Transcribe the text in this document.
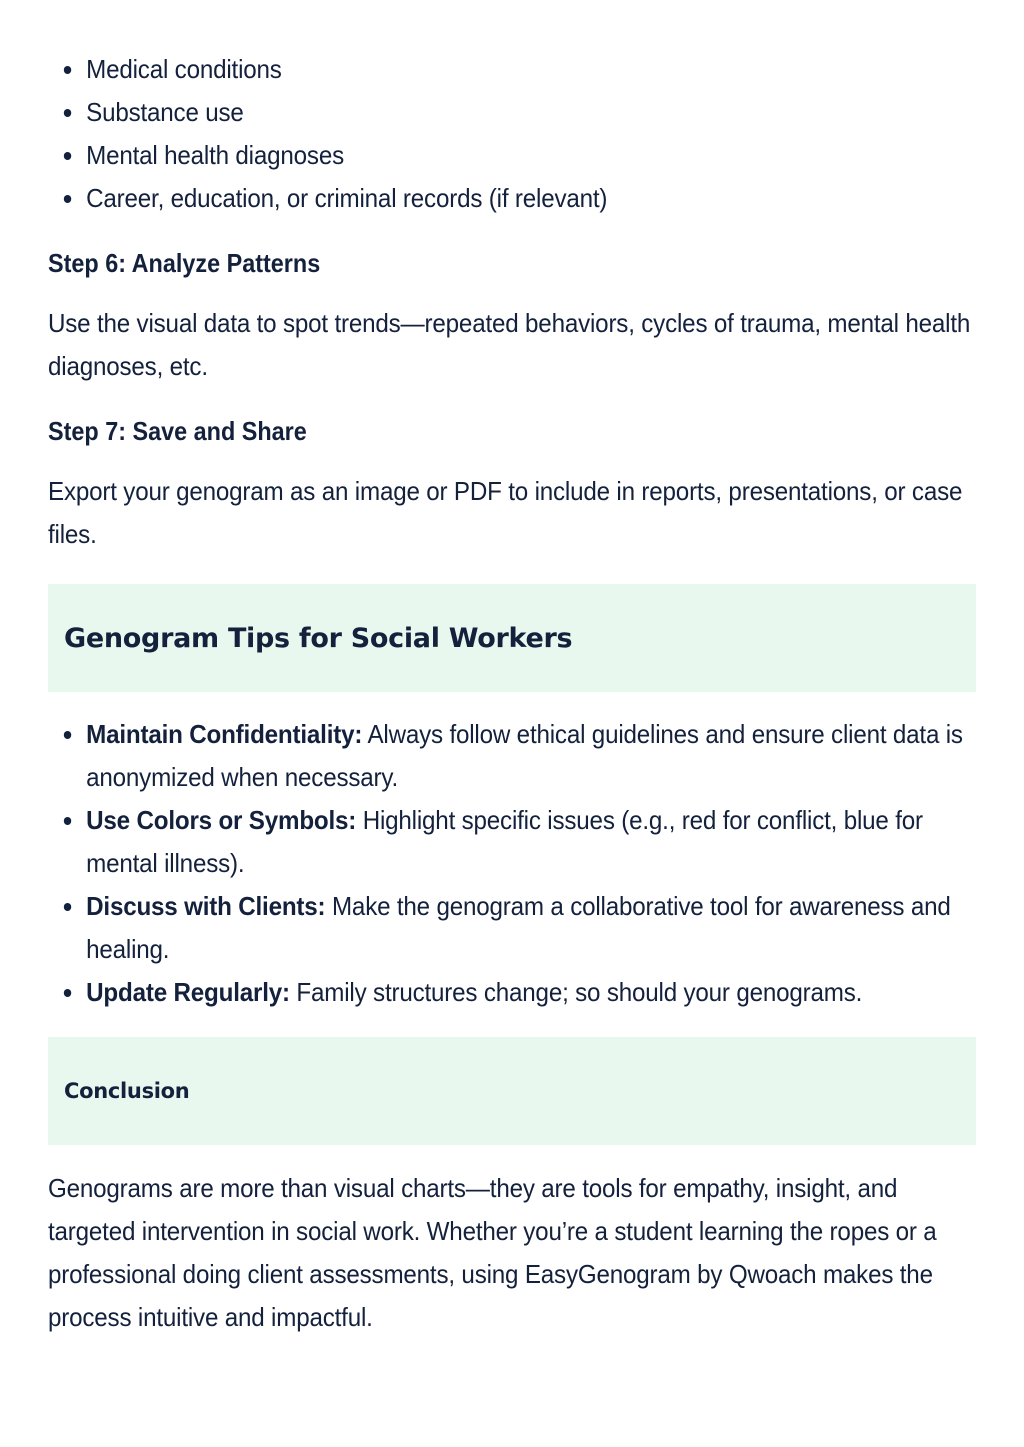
Medical conditions
Substance use
Mental health diagnoses
Career, education, or criminal records (if relevant)
Step 6: Analyze Patterns

Use the visual data to spot trends—repeated behaviors, cycles of trauma, mental health diagnoses, etc.

Step 7: Save and Share

Export your genogram as an image or PDF to include in reports, presentations, or case files.

Genogram Tips for Social Workers
Maintain Confidentiality: Always follow ethical guidelines and ensure client data is anonymized when necessary.
Use Colors or Symbols: Highlight specific issues (e.g., red for conflict, blue for mental illness).
Discuss with Clients: Make the genogram a collaborative tool for awareness and healing.
Update Regularly: Family structures change; so should your genograms.
Conclusion

Genograms are more than visual charts—they are tools for empathy, insight, and targeted intervention in social work. Whether you’re a student learning the ropes or a professional doing client assessments, using EasyGenogram by Qwoach makes the process intuitive and impactful.
